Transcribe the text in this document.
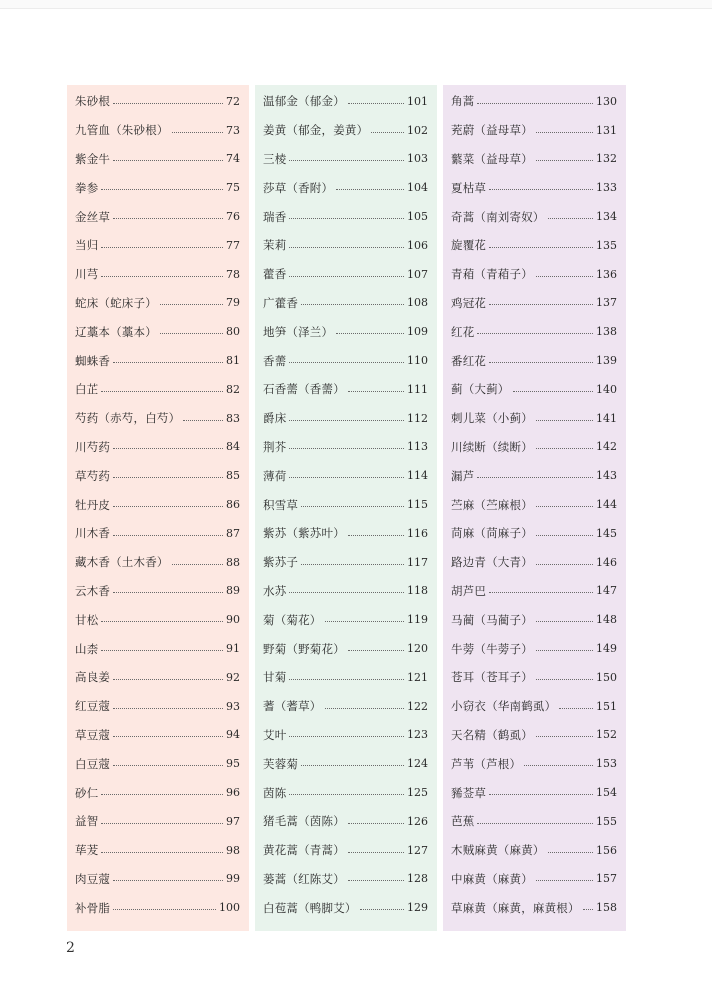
朱砂根	72
九管血（朱砂根）	73
紫金牛	74
拳参	75
金丝草	76
当归	77
川芎	78
蛇床（蛇床子）	79
辽藁本（藁本）	80
蜘蛛香	81
白芷	82
芍药（赤芍，白芍）	83
川芍药	84
草芍药	85
牡丹皮	86
川木香	87
藏木香（土木香）	88
云木香	89
甘松	90
山柰	91
高良姜	92
红豆蔻	93
草豆蔻	94
白豆蔻	95
砂仁	96
益智	97
荜茇	98
肉豆蔻	99
补骨脂	100
温郁金（郁金）	101
姜黄（郁金，姜黄）	102
三棱	103
莎草（香附）	104
瑞香	105
茉莉	106
藿香	107
广藿香	108
地笋（泽兰）	109
香薷	110
石香薷（香薷）	111
爵床	112
荆芥	113
薄荷	114
积雪草	115
紫苏（紫苏叶）	116
紫苏子	117
水苏	118
菊（菊花）	119
野菊（野菊花）	120
甘菊	121
蓍（蓍草）	122
艾叶	123
芙蓉菊	124
茵陈	125
猪毛蒿（茵陈）	126
黄花蒿（青蒿）	127
蒌蒿（红陈艾）	128
白苞蒿（鸭脚艾）	129
角蒿	130
茺蔚（益母草）	131
蘩菜（益母草）	132
夏枯草	133
奇蒿（南刘寄奴）	134
旋覆花	135
青葙（青葙子）	136
鸡冠花	137
红花	138
番红花	139
蓟（大蓟）	140
刺儿菜（小蓟）	141
川续断（续断）	142
漏芦	143
苎麻（苎麻根）	144
苘麻（苘麻子）	145
路边青（大青）	146
胡芦巴	147
马蔺（马蔺子）	148
牛蒡（牛蒡子）	149
苍耳（苍耳子）	150
小窃衣（华南鹤虱）	151
天名精（鹤虱）	152
芦苇（芦根）	153
豨莶草	154
芭蕉	155
木贼麻黄（麻黄）	156
中麻黄（麻黄）	157
草麻黄（麻黄，麻黄根） 158
2
